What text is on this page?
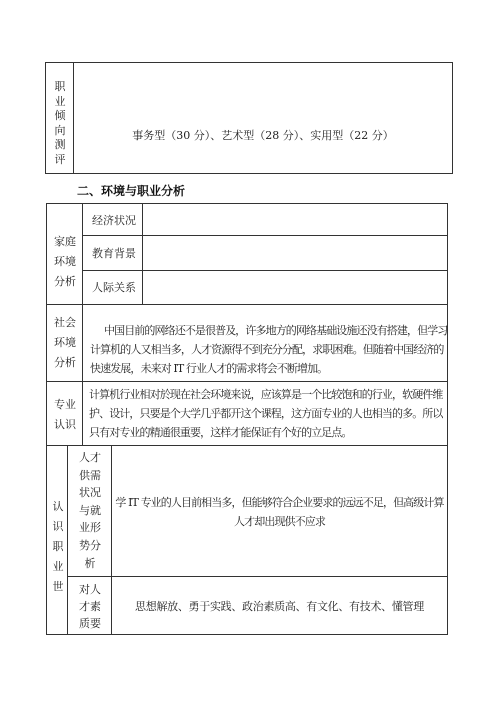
职
业
倾
向
测
评
事务型（30 分）、艺术型（28 分）、实用型（22 分）
二、环境与职业分析
家庭
环境
分析
经济状况
教育背景
人际关系
社会
环境
分析
中国目前的网络还不是很普及，许多地方的网络基础设施还没有搭建，但学习
计算机的人又相当多，人才资源得不到充分分配，求职困难。但随着中国经济的
快速发展，未来对 IT 行业人才的需求将会不断增加。
专业
认识
计算机行业相对於现在社会环境来说，应该算是一个比较饱和的行业，软硬件维
护、设计，只要是个大学几乎都开这个课程，这方面专业的人也相当的多。所以
只有对专业的精通很重要，这样才能保证有个好的立足点。
认
识
职
业
世
人才
供需
状况
与就
业形
势分
析
学 IT 专业的人目前相当多，但能够符合企业要求的远远不足，但高级计算
人才却出现供不应求
对人
才素
质要
思想解放、勇于实践、政治素质高、有文化、有技术、懂管理
